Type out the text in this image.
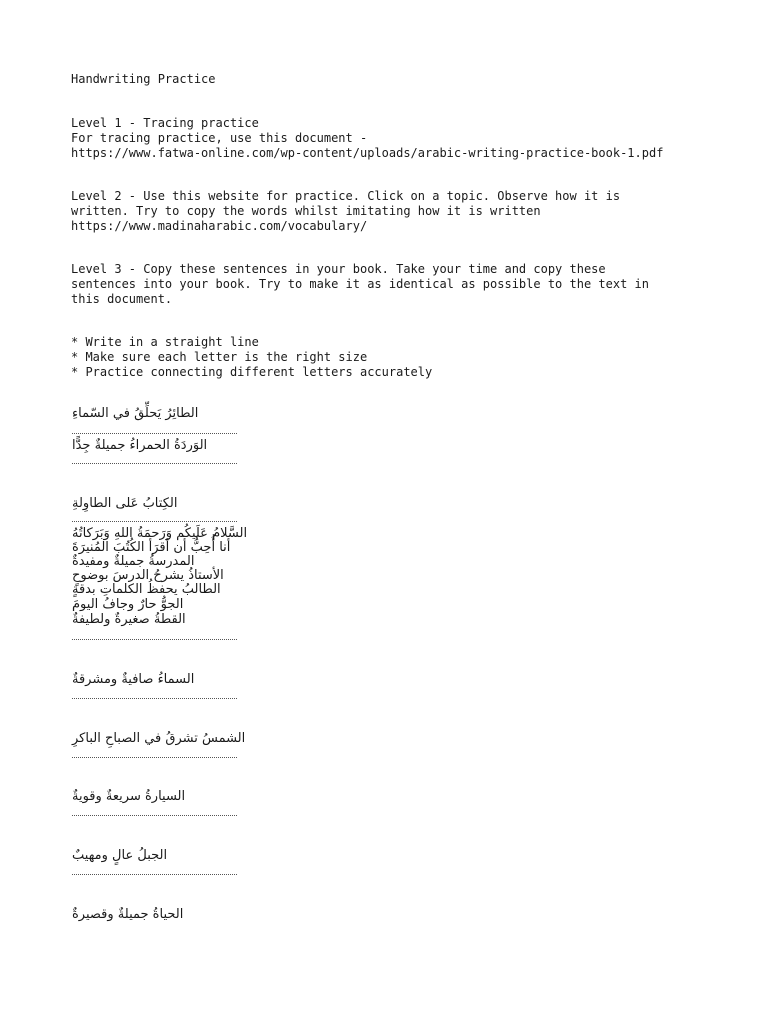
Handwriting Practice
Level 1 - Tracing practice
For tracing practice, use this document -
https://www.fatwa-online.com/wp-content/uploads/arabic-writing-practice-book-1.pdf
Level 2 - Use this website for practice. Click on a topic. Observe how it is
written. Try to copy the words whilst imitating how it is written
https://www.madinaharabic.com/vocabulary/
Level 3 - Copy these sentences in your book. Take your time and copy these
sentences into your book. Try to make it as identical as possible to the text in
this document.
* Write in a straight line
* Make sure each letter is the right size
* Practice connecting different letters accurately
الطائِرُ يَحلِّقُ في السّماءِ
الوَردَةُ الحمراءُ جميلةٌ جِدًّا
الكِتابُ عَلى الطاوِلةِ
السَّلامُ عَلَيكُم وَرَحمَةُ اللهِ وَبَرَكاتُهُ
أنا أُحِبُّ أن أقرَأ الكُتُبَ المُنيرَةَ
المدرسةُ جميلةٌ ومفيدةٌ
الأستاذُ يشرحُ الدرسَ بوضوحٍ
الطالبُ يحفظُ الكلماتِ بدقةٍ
الجوُّ حارٌ وجافُ اليومَ
القطةُ صغيرةٌ ولطيفةٌ
السماءُ صافيةٌ ومشرقةٌ
الشمسُ تشرقُ في الصباحِ الباكرِ
السيارةُ سريعةٌ وقويةٌ
الجبلُ عالٍ ومهيبٌ
الحياةُ جميلةٌ وقصيرةٌ
